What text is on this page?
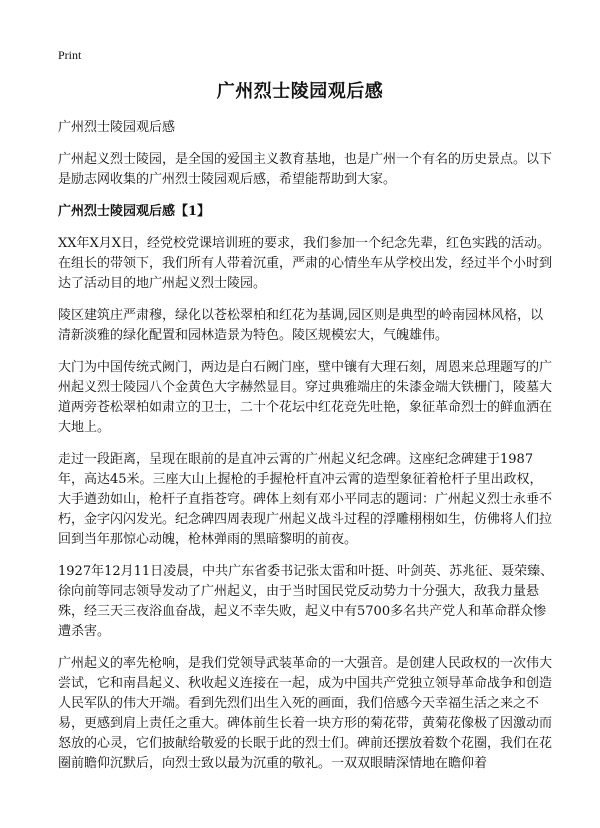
Print
广州烈士陵园观后感

广州烈士陵园观后感

广州起义烈士陵园，是全国的爱国主义教育基地，也是广州一个有名的历史景点。以下是励志网收集的广州烈士陵园观后感，希望能帮助到大家。

广州烈士陵园观后感【1】

XX年X月X日，经党校党课培训班的要求，我们参加一个纪念先辈，红色实践的活动。在组长的带领下，我们所有人带着沉重，严肃的心情坐车从学校出发，经过半个小时到达了活动目的地广州起义烈士陵园。

陵区建筑庄严肃穆，绿化以苍松翠柏和红花为基调,园区则是典型的岭南园林风格，以清新淡雅的绿化配置和园林造景为特色。陵区规模宏大，气魄雄伟。

大门为中国传统式阙门，两边是白石阙门座，壁中镶有大理石刻，周恩来总理题写的广州起义烈士陵园八个金黄色大字赫然显目。穿过典雅端庄的朱漆金端大铁栅门，陵墓大道两旁苍松翠柏如肃立的卫士，二十个花坛中红花竞先吐艳，象征革命烈士的鲜血洒在大地上。

走过一段距离，呈现在眼前的是直冲云霄的广州起义纪念碑。这座纪念碑建于1987年，高达45米。三座大山上握枪的手握枪杆直冲云霄的造型象征着枪杆子里出政权，大手遒劲如山，枪杆子直指苍穹。碑体上刻有邓小平同志的题词：广州起义烈士永垂不朽，金字闪闪发光。纪念碑四周表现广州起义战斗过程的浮雕栩栩如生，仿佛将人们拉回到当年那惊心动魄，枪林弹雨的黑暗黎明的前夜。

1927年12月11日凌晨，中共广东省委书记张太雷和叶挺、叶剑英、苏兆征、聂荣臻、徐向前等同志领导发动了广州起义，由于当时国民党反动势力十分强大，敌我力量悬殊，经三天三夜浴血奋战，起义不幸失败，起义中有5700多名共产党人和革命群众惨遭杀害。

广州起义的率先枪响，是我们党领导武装革命的一大强音。是创建人民政权的一次伟大尝试，它和南昌起义、秋收起义连接在一起，成为中国共产党独立领导革命战争和创造人民军队的伟大开端。看到先烈们出生入死的画面，我们倍感今天幸福生活之来之不易，更感到肩上责任之重大。碑体前生长着一块方形的菊花带，黄菊花像极了因激动而怒放的心灵，它们披献给敬爱的长眠于此的烈士们。碑前还摆放着数个花圈，我们在花圈前瞻仰沉默后，向烈士致以最为沉重的敬礼。一双双眼睛深情地在瞻仰着
